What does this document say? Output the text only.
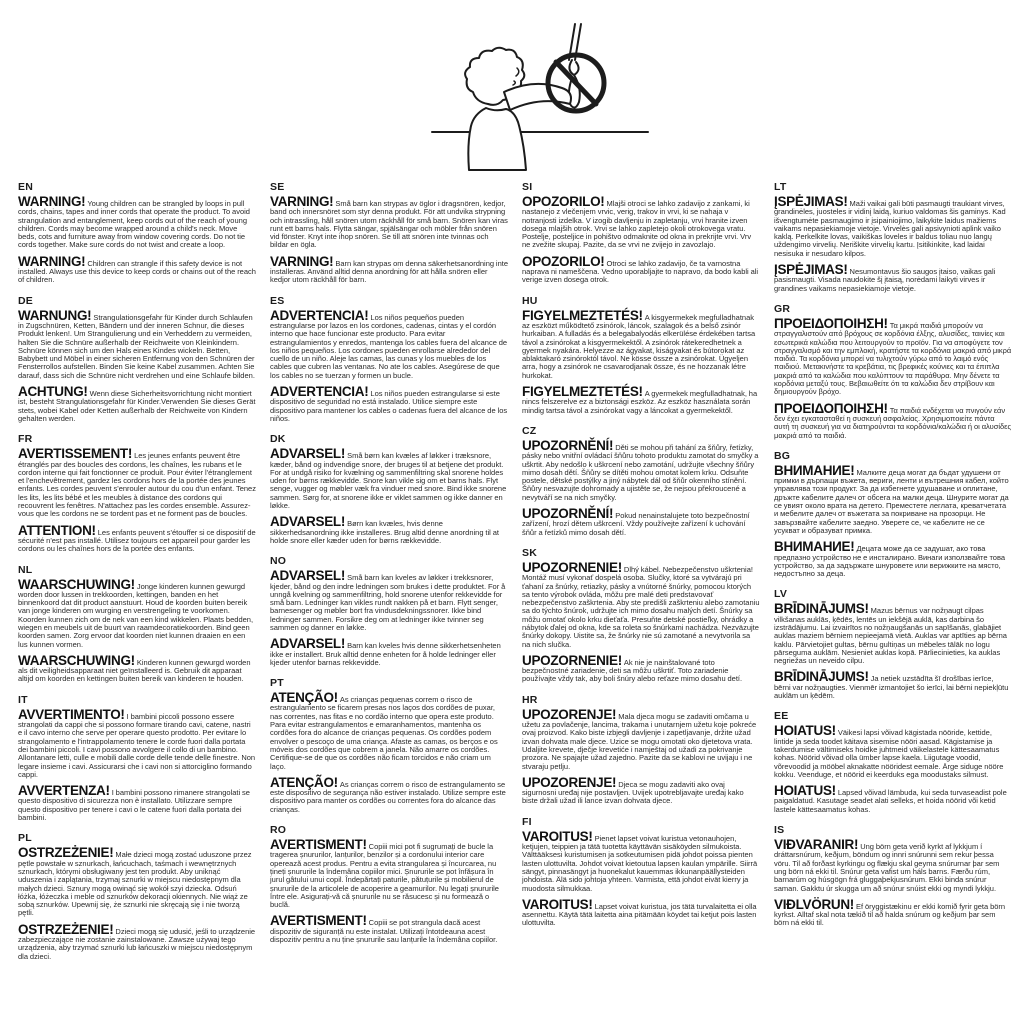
EN

WARNING! Young children can be strangled by loops in pull cords, chains, tapes and inner cords that operate the product. To avoid strangulation and entanglement, keep cords out of the reach of young children. Cords may become wrapped around a child's neck. Move beds, cots and furniture away from window covering cords. Do not tie cords together. Make sure cords do not twist and create a loop.

WARNING! Children can strangle if this safety device is not installed. Always use this device to keep cords or chains out of the reach of children.

DE

WARNUNG! Strangulationsgefahr für Kinder durch Schlaufen in Zugschnüren, Ketten, Bändern und der inneren Schnur, die dieses Produkt lenken!. Um Strangulierung und ein Verheddern zu vermeiden, halten Sie die Schnüre außerhalb der Reichweite von Kleinkindern. Schnüre können sich um den Hals eines Kindes wickeln. Betten, Babybett und Möbel in einer sicheren Entfernung von den Schnüren der Fensterrollos aufstellen. Binden Sie keine Kabel zusammen. Achten Sie darauf, dass sich die Schnüre nicht verdrehen und eine Schlaufe bilden.

ACHTUNG! Wenn diese Sicherheitsvorrichtung nicht montiert ist, besteht Strangulationsgefahr für Kinder.Verwenden Sie dieses Gerät stets, wobei Kabel oder Ketten außerhalb der Reichweite von Kindern gehalten werden.

FR

AVERTISSEMENT! Les jeunes enfants peuvent être étranglés par des boucles des cordons, les chaînes, les rubans et le cordon interne qui fait fonctionner ce produit. Pour éviter l'étranglement et l'enchevêtrement, gardez les cordons hors de la portée des jeunes enfants. Les cordes peuvent s'enrouler autour du cou d'un enfant. Tenez les lits, les lits bébé et les meubles à distance des cordons qui recouvrent les fenêtres. N'attachez pas les cordes ensemble. Assurez-vous que les cordons ne se tordent pas et ne forment pas de boucles.

ATTENTION! Les enfants peuvent s'étouffer si ce dispositif de sécurité n'est pas installé. Utilisez toujours cet appareil pour garder les cordons ou les chaînes hors de la portée des enfants.

NL

WAARSCHUWING! Jonge kinderen kunnen gewurgd worden door lussen in trekkoorden, kettingen, banden en het binnenkoord dat dit product aanstuurt. Houd de koorden buiten bereik van jonge kinderen om wurging en verstrengeling te voorkomen. Koorden kunnen zich om de nek van een kind wikkelen. Plaats bedden, wiegen en meubels uit de buurt van raamdecoratiekoorden. Bind geen koorden samen. Zorg ervoor dat koorden niet kunnen draaien en een lus kunnen vormen.

WAARSCHUWING! Kinderen kunnen gewurgd worden als dit veiligheidsapparaat niet geïnstalleerd is. Gebruik dit apparaat altijd om koorden en kettingen buiten bereik van kinderen te houden.

IT

AVVERTIMENTO! I bambini piccoli possono essere strangolati da cappi che si possono formare tirando cavi, catene, nastri e il cavo interno che serve per operare questo prodotto. Per evitare lo strangolamento e l'intrappolamento tenere le corde fuori dalla portata dei bambini piccoli. I cavi possono avvolgere il collo di un bambino. Allontanare letti, culle e mobili dalle corde delle tende delle finestre. Non legare insieme i cavi. Assicurarsi che i cavi non si attorciglino formando cappi.

AVVERTENZA! I bambini possono rimanere strangolati se questo dispositivo di sicurezza non è installato. Utilizzare sempre questo dispositivo per tenere i cavi o le catene fuori dalla portata dei bambini.

PL

OSTRZEŻENIE! Małe dzieci mogą zostać uduszone przez pętle powstałe w sznurkach, łańcuchach, taśmach i wewnętrznych sznurkach, którymi obsługiwany jest ten produkt. Aby uniknąć uduszenia i zaplątania, trzymaj sznurki w miejscu niedostępnym dla małych dzieci. Sznury mogą owinąć się wokół szyi dziecka. Odsuń łóżka, łóżeczka i meble od sznurków dekoracji okiennych. Nie wiąż ze sobą sznurków. Upewnij się, że sznurki nie skręcają się i nie tworzą pętli.

OSTRZEŻENIE! Dzieci mogą się udusić, jeśli to urządzenie zabezpieczające nie zostanie zainstalowane. Zawsze używaj tego urządzenia, aby trzymać sznurki lub łańcuszki w miejscu niedostępnym dla dzieci.

SE

VARNING! Små barn kan strypas av öglor i dragsnören, kedjor, band och innersnöret som styr denna produkt. För att undvika strypning och intrassling, håll snören utom räckhåll för små barn. Snören kan viras runt ett barns hals. Flytta sängar, spjälsängar och möbler från snören vid fönster. Knyt inte ihop snören. Se till att snören inte tvinnas och bildar en ögla.

VARNING! Barn kan strypas om denna säkerhetsanordning inte installeras. Använd alltid denna anordning för att hålla snören eller kedjor utom räckhåll för barn.

ES

ADVERTENCIA! Los niños pequeños pueden estrangularse por lazos en los cordones, cadenas, cintas y el cordón interno que hace funcionar este producto. Para evitar estrangulamientos y enredos, mantenga los cables fuera del alcance de los niños pequeños. Los cordones pueden enrollarse alrededor del cuello de un niño. Aleje las camas, las cunas y los muebles de los cables que cubren las ventanas. No ate los cables. Asegúrese de que los cables no se tuerzan y formen un bucle.

ADVERTENCIA! Los niños pueden estrangularse si este dispositivo de seguridad no está instalado. Utilice siempre este dispositivo para mantener los cables o cadenas fuera del alcance de los niños.

DK

ADVARSEL! Små børn kan kvæles af løkker i træksnore, kæder, bånd og indvendige snore, der bruges til at betjene det produkt. For at undgå risiko for kvælning og sammenfiltring skal snorene holdes uden for børns rækkevidde. Snore kan vikle sig om et barns hals. Flyt senge, vugger og møbler væk fra vinduer med snore. Bind ikke snorene sammen. Sørg for, at snorene ikke er viklet sammen og ikke danner en løkke.

ADVARSEL! Børn kan kvæles, hvis denne sikkerhedsanordning ikke installeres. Brug altid denne anordning til at holde snore eller kæder uden for børns rækkevidde.

NO

ADVARSEL! Små barn kan kveles av løkker i trekksnorer, kjeder, bånd og den indre ledningen som brukes i dette produktet. For å unngå kvelning og sammenfiltring, hold snorene utenfor rekkevidde for små barn. Ledninger kan vikles rundt nakken på et barn. Flytt senger, barnesenger og møbler bort fra vindusdekningssnorer. Ikke bind ledninger sammen. Forsikre deg om at ledninger ikke tvinner seg sammen og danner en løkke.

ADVARSEL! Barn kan kveles hvis denne sikkerhetsenheten ikke er installert. Bruk alltid denne enheten for å holde ledninger eller kjeder utenfor barnas rekkevidde.

PT

ATENÇÃO! As crianças pequenas correm o risco de estrangulamento se ficarem presas nos laços dos cordões de puxar, nas correntes, nas fitas e no cordão interno que opera este produto. Para evitar estrangulamentos e emaranhamentos, mantenha os cordões fora do alcance de crianças pequenas. Os cordões podem envolver o pescoço de uma criança. Afaste as camas, os berços e os móveis dos cordões que cobrem a janela. Não amarre os cordões. Certifique-se de que os cordões não ficam torcidos e não criam um laço.

ATENÇÃO! As crianças correm o risco de estrangulamento se este dispositivo de segurança não estiver instalado. Utilize sempre este dispositivo para manter os cordões ou correntes fora do alcance das crianças.

RO

AVERTISMENT! Copiii mici pot fi sugrumați de bucle la tragerea șnururilor, lanțurilor, benzilor și a cordonului interior care operează acest produs. Pentru a evita strangularea și încurcarea, nu țineți șnururile la îndemâna copiilor mici. Șnururile se pot înfășura în jurul gâtului unui copil. Îndepărtați paturile, pătuțurile și mobilierul de șnururile de la articolele de acoperire a geamurilor. Nu legați șnururile între ele. Asigurați-vă că șnururile nu se răsucesc și nu formează o buclă.

AVERTISMENT! Copiii se pot strangula dacă acest dispozitiv de siguranță nu este instalat. Utilizați întotdeauna acest dispozitiv pentru a nu ține șnururile sau lanțurile la îndemâna copiilor.

SI

OPOZORILO! Mlajši otroci se lahko zadavijo z zankami, ki nastanejo z vlečenjem vrvic, verig, trakov in vrvi, ki se nahaja v notranjosti izdelka. V izogib davljenju in zapletanju, vrvi hranite izven dosega mlajših otrok. Vrvi se lahko zapletejo okoli otrokovega vratu. Postelje, posteljice in pohištvo odmaknite od okna in prekrijte vrvi. Vrv ne zvežite skupaj. Pazite, da se vrvi ne zvijejo in zavozlajo.

OPOZORILO! Otroci se lahko zadavijo, če ta varnostna naprava ni nameščena. Vedno uporabljajte to napravo, da bodo kabli ali verige izven dosega otrok.

HU

FIGYELMEZTETÉS! A kisgyermekek megfulladhatnak az eszközt működtető zsinórok, láncok, szalagok és a belső zsinór hurkaiban. A fulladás és a belegabalyodás elkerülése érdekében tartsa távol a zsinórokat a kisgyermekektől. A zsinórok rátekeredhetnek a gyermek nyakára. Helyezze az ágyakat, kiságyakat és bútorokat az ablaktakaró zsinóroktól távol. Ne kösse össze a zsinórokat. Ügyeljen arra, hogy a zsinórok ne csavarodjanak össze, és ne hozzanak létre hurkokat.

FIGYELMEZTETÉS! A gyermekek megfulladhatnak, ha nincs felszerelve ez a biztonsági eszköz. Az eszköz használata során mindig tartsa távol a zsinórokat vagy a láncokat a gyermekektől.

CZ

UPOZORNĚNÍ! Děti se mohou při tahání za šňůry, řetízky, pásky nebo vnitřní ovládací šňůru tohoto produktu zamotat do smyčky a uškrtit. Aby nedošlo k uškrcení nebo zamotání, udržujte všechny šňůry mimo dosah dětí. Šňůry se dítěti mohou omotat kolem krku. Odsuňte postele, dětské postýlky a jiný nábytek dál od šňůr okenního stínění. Šňůry nesvazujte dohromady a ujistěte se, že nejsou překroucené a nevytváří se na nich smyčky.

UPOZORNĚNÍ! Pokud nenainstalujete toto bezpečnostní zařízení, hrozí dětem uškrcení. Vždy používejte zařízení k uchování šňůr a řetízků mimo dosah dětí.

SK

UPOZORNENIE! Dlhý kábel. Nebezpečenstvo uškrtenia! Montáž musí vykonať dospelá osoba. Slučky, ktoré sa vytvárajú pri ťahaní za šnúrky, retiazky, pásky a vnútorné šnúrky, pomocou ktorých sa tento výrobok ovláda, môžu pre malé deti predstavovať nebezpečenstvo zaškrtenia. Aby ste predišli zaškrteniu alebo zamotaniu sa do týchto šnúrok, udržujte ich mimo dosahu malých detí. Šnúrky sa môžu omotať okolo krku dieťaťa. Presuňte detské postieľky, ohrádky a nábytok ďalej od okna, kde sa roleta so šnúrkami nachádza. Nezväzujte šnúrky dokopy. Uistite sa, že šnúrky nie sú zamotané a nevytvorila sa na nich slučka.

UPOZORNENIE! Ak nie je nainštalované toto bezpečnostné zariadenie, deti sa môžu uškrtiť. Toto zariadenie používajte vždy tak, aby boli šnúry alebo reťaze mimo dosahu detí.

HR

UPOZORENJE! Mala djeca mogu se zadaviti omčama u užetu za povlačenje, lancima, trakama i unutarnjem užetu koje pokreće ovaj proizvod. Kako biste izbjegli davljenje i zapetljavanje, držite užad izvan dohvata male djece. Uzice se mogu omotati oko djetetova vrata. Udaljite krevete, dječje krevetiće i namještaj od užadi za pokrivanje prozora. Ne spajajte užad zajedno. Pazite da se kablovi ne uvijaju i ne stvaraju petlju.

UPOZORENJE! Djeca se mogu zadaviti ako ovaj sigurnosni uređaj nije postavljen. Uvijek upotrebljavajte uređaj kako biste držali užad ili lance izvan dohvata djece.

FI

VAROITUS! Pienet lapset voivat kuristua vetonauhojen, ketjujen, teippien ja tätä tuotetta käyttävän sisäköyden silmukoista. Välttääksesi kuristumisen ja sotkeutumisen pidä johdot poissa pienten lasten ulottuvilta. Johdot voivat kietoutua lapsen kaulan ympärille. Siirrä sängyt, pinnasängyt ja huonekalut kauemmas ikkunanpäällysteiden johdoista. Älä sido johtoja yhteen. Varmista, että johdot eivät kierry ja muodosta silmukkaa.

VAROITUS! Lapset voivat kuristua, jos tätä turvalaitetta ei olla asennettu. Käytä tätä laitetta aina pitämään köydet tai ketjut pois lasten ulottuvilta.

LT

ĮSPĖJIMAS! Maži vaikai gali būti pasmaugti traukiant virves, grandinėles, juosteles ir vidinį laidą, kuriuo valdomas šis gaminys. Kad išvengtumėte pasmaugimo ir įsipainiojimo, laikykite laidus mažiems vaikams nepasiekiamoje vietoje. Virvelės gali apsivynioti aplink vaiko kaklą. Perkelkite lovas, vaikiškas loveles ir baldus toliau nuo langų uždengimo virvelių. Neriškite virvelių kartu. Įsitikinkite, kad laidai nesisuka ir nesudaro kilpos.

ĮSPĖJIMAS! Nesumontavus šio saugos įtaiso, vaikas gali pasismaugti. Visada naudokite šį įtaisą, norėdami laikyti virves ir grandines vaikams nepasiekiamoje vietoje.

GR

ΠΡΟΕΙΔΟΠΟΙΗΣΗ! Τα μικρά παιδιά μπορούν να στραγγαλιστούν από βρόχους σε κορδόνια έλξης, αλυσίδες, ταινίες και εσωτερικά καλώδια που λειτουργούν το προϊόν. Για να αποφύγετε τον στραγγαλισμό και την εμπλοκή, κρατήστε τα κορδόνια μακριά από μικρά παιδιά. Τα κορδόνια μπορεί να τυλιχτούν γύρω από το λαιμό ενός παιδιού. Μετακινήστε τα κρεβάτια, τις βρεφικές κούνιες και τα έπιπλα μακριά από τα καλώδια που καλύπτουν τα παράθυρα. Μην δένετε τα κορδόνια μεταξύ τους. Βεβαιωθείτε ότι τα καλώδια δεν στρίβουν και δημιουργούν βρόχο.

ΠΡΟΕΙΔΟΠΟΙΗΣΗ! Τα παιδιά ενδέχεται να πνιγούν εάν δεν έχει εγκατασταθεί η συσκευή ασφαλείας. Χρησιμοποιείτε πάντα αυτή τη συσκευή για να διατηρούνται τα κορδόνια/καλώδια ή οι αλυσίδες μακριά από τα παιδιά.

BG

ВНИМАНИЕ! Малките деца могат да бъдат удушени от примки в дърпащи въжета, вериги, ленти и вътрешния кабел, който управлява този продукт. За да избегнете удушаване и оплитане, дръжте кабелите далеч от обсега на малки деца. Шнурите могат да се увият около врата на детето. Преместете леглата, креватчетата и мебелите далеч от въжетата за покриване на прозорци. Не завързвайте кабелите заедно. Уверете се, че кабелите не се усукват и образуват примка.

ВНИМАНИЕ! Децата може да се задушат, ако това предпазно устройство не е инсталирано. Винаги използвайте това устройство, за да задържате шнуровете или верижките на място, недостъпно за деца.

LV

BRĪDINĀJUMS! Mazus bērnus var nožņaugt cilpas vilkšanas auklās, ķēdēs, lentēs un iekšējā auklā, kas darbina šo izstrādājumu. Lai izvairītos no nožņaugšanās un sapīšanās, glabājiet auklas maziem bērniem nepieejamā vietā. Auklas var aptīties ap bērna kaklu. Pārvietojiet gultas, bērnu gultiņas un mēbeles tālāk no logu pārseguma auklām. Nesieniet auklas kopā. Pārliecinieties, ka auklas negriežas un neveido cilpu.

BRĪDINĀJUMS! Ja netiek uzstādīta šī drošības ierīce, bērni var nožņaugties. Vienmēr izmantojiet šo ierīci, lai bērni nepiekļūtu auklām un ķēdēm.

EE

HOIATUS! Väikesi lapsi võivad kägistada nööride, kettide, lintide ja seda toodet käitava sisemise nööri aasad. Kägistamise ja takerdumise vältimiseks hoidke juhtmeid väikelastele kättesaamatus kohas. Nöörid võivad olla ümber lapse kaela. Liigutage voodid, võrevoodid ja mööbel aknakatte nööridest eemale. Ärge siduge nööre kokku. Veenduge, et nöörid ei keerduks ega moodustaks silmust.

HOIATUS! Lapsed võivad lämbuda, kui seda turvaseadist pole paigaldatud. Kasutage seadet alati selleks, et hoida nöörid või ketid lastele kättesaamatus kohas.

IS

VIÐVARANIR! Ung börn geta verið kyrkt af lykkjum í dráttarsnúrum, keðjum, böndum og innri snúrunni sem rekur þessa vöru. Til að forðast kyrkingu og flækju skal geyma snúrurnar þar sem ung börn ná ekki til. Snúrur geta vafist um háls barns. Færðu rúm, barnarúm og húsgögn frá gluggaþekjusnúrum. Ekki binda snúrur saman. Gakktu úr skugga um að snúrur snúist ekki og myndi lykkju.

VIÐLVÖRUN! Ef öryggistækinu er ekki komið fyrir geta börn kyrkst. Alltaf skal nota tækið til að halda snúrum og keðjum þar sem börn ná ekki til.
